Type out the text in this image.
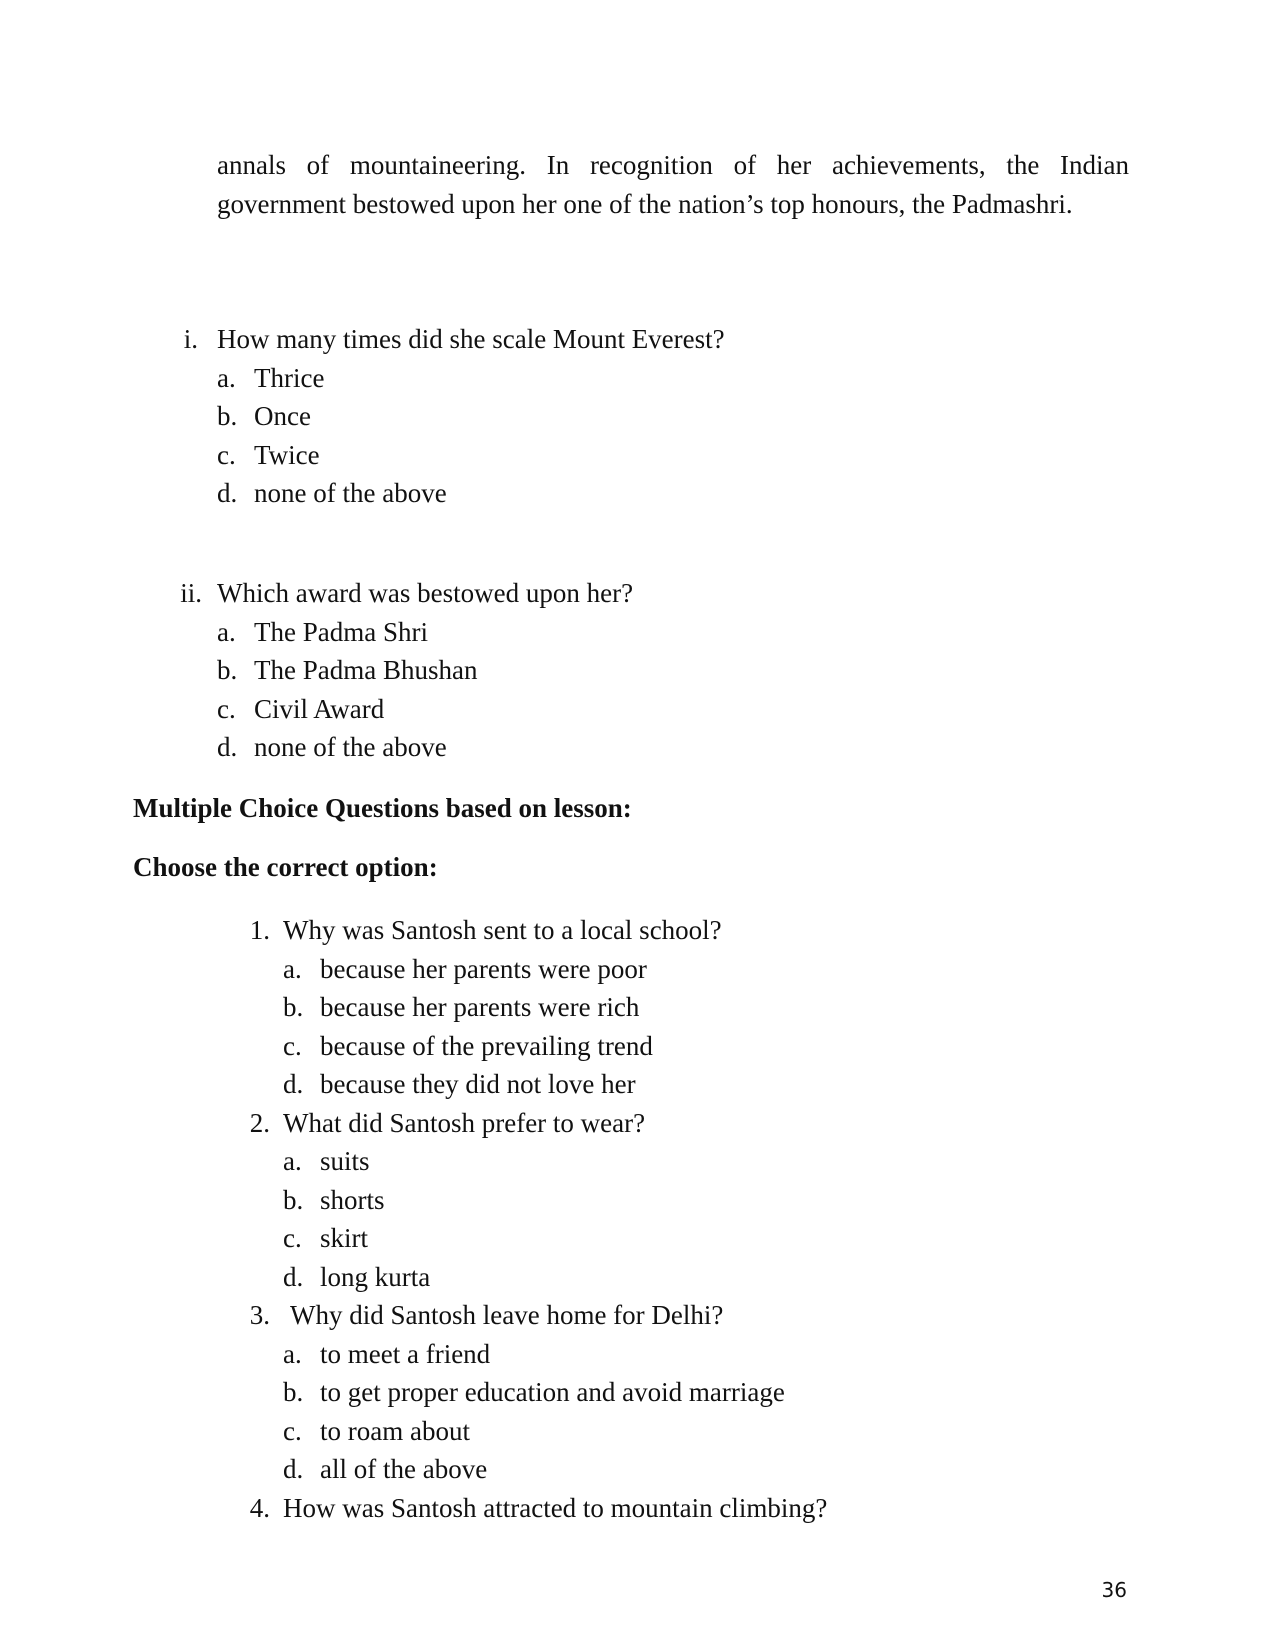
annals of mountaineering. In recognition of her achievements, the Indian government bestowed upon her one of the nation’s top honours, the Padmashri.

i. How many times did she scale Mount Everest?
a. Thrice
b. Once
c. Twice
d. none of the above
ii. Which award was bestowed upon her?
a. The Padma Shri
b. The Padma Bhushan
c. Civil Award
d. none of the above
Multiple Choice Questions based on lesson:
Choose the correct option:
1. Why was Santosh sent to a local school?
a. because her parents were poor
b. because her parents were rich
c. because of the prevailing trend
d. because they did not love her
2. What did Santosh prefer to wear?
a. suits
b. shorts
c. skirt
d. long kurta
3. Why did Santosh leave home for Delhi?
a. to meet a friend
b. to get proper education and avoid marriage
c. to roam about
d. all of the above
4. How was Santosh attracted to mountain climbing?
36
